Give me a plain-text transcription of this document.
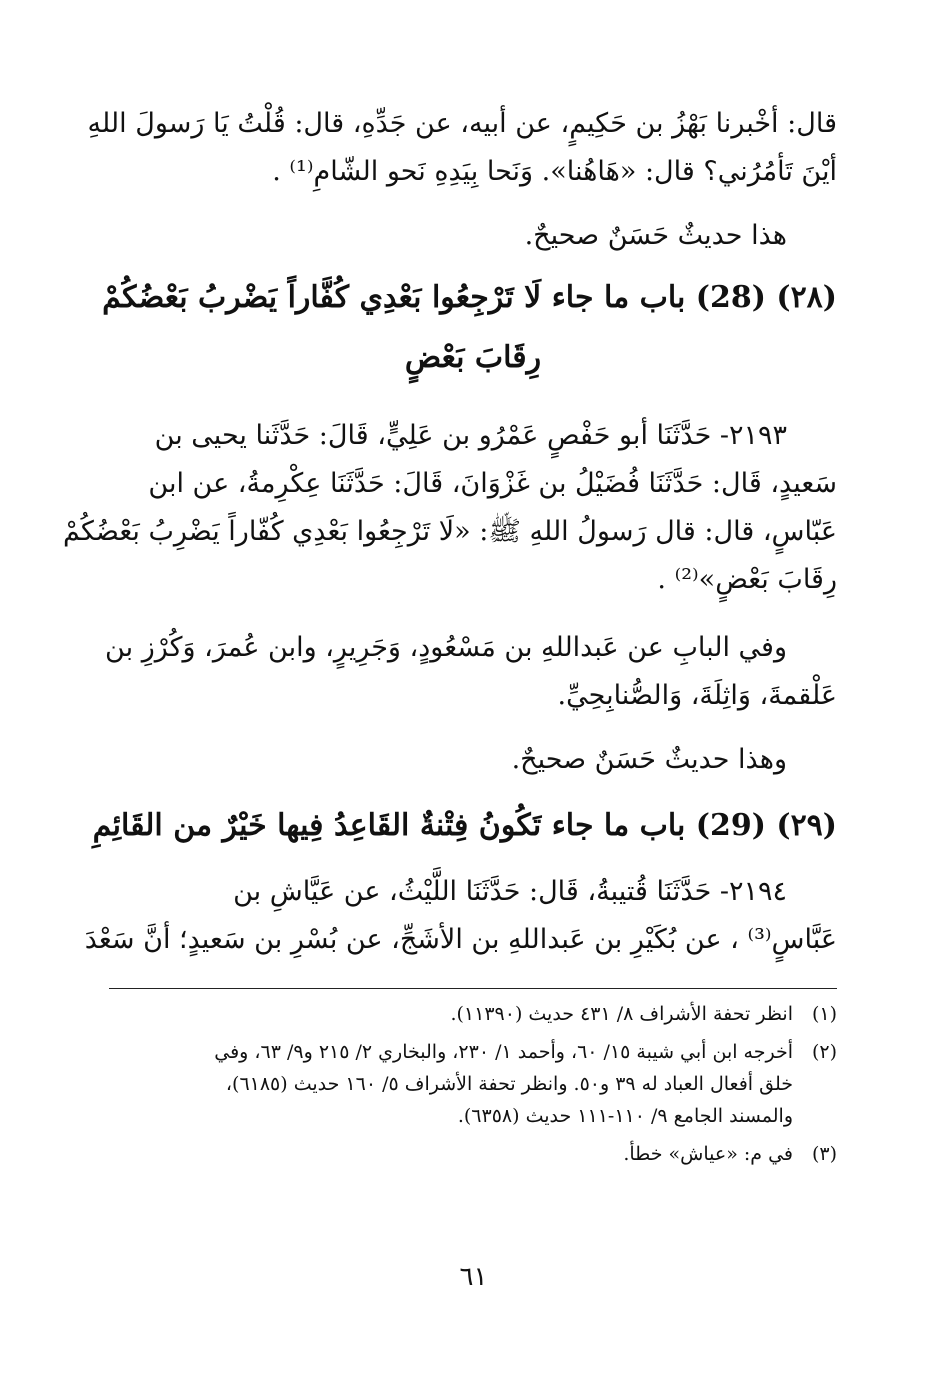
قال: أخْبرنا بَهْزُ بن حَكِيمٍ، عن أبيه، عن جَدِّهِ، قال: قُلْتُ يَا رَسولَ اللهِ
أيْنَ تَأمُرُني؟ قال: «هَاهُنا». وَنَحا بِيَدِهِ نَحو الشّامِ⁽¹⁾ .
هذا حديثٌ حَسَنٌ صحيحٌ.
(٢٨) (28) باب ما جاء لَا تَرْجِعُوا بَعْدِي كُفَّاراً يَضْربُ بَعْضُكُمْ
رِقَابَ بَعْضٍ
٢١٩٣- حَدَّثَنَا أبو حَفْصٍ عَمْرُو بن عَلِيٍّ، قَالَ: حَدَّثَنا يحيى بن
سَعيدٍ، قَال: حَدَّثَنَا فُضَيْلُ بن غَزْوَانَ، قَالَ: حَدَّثَنَا عِكْرِمةُ، عن ابن
عَبّاسٍ، قال: قال رَسولُ اللهِ ﷺ: «لَا تَرْجِعُوا بَعْدِي كُفّاراً يَضْرِبُ بَعْضُكُمْ
رِقَابَ بَعْضٍ»⁽²⁾ .
وفي البابِ عن عَبداللهِ بن مَسْعُودٍ، وَجَرِيرٍ، وابن عُمرَ، وَكُرْزِ بن
عَلْقمةَ، وَاثِلَةَ، وَالصُّنابِحِيِّ.
وهذا حديثٌ حَسَنٌ صحيحٌ.
(٢٩) (29) باب ما جاء تَكُونُ فِتْنةٌ القَاعِدُ فِيها خَيْرٌ من القَائِمِ
٢١٩٤- حَدَّثَنَا قُتيبةُ، قَال: حَدَّثَنَا اللَّيْثُ، عن عَيَّاشِ بن
عَبَّاسٍ⁽³⁾ ، عن بُكَيْرِ بن عَبداللهِ بن الأشَجِّ، عن بُسْرِ بن سَعيدٍ؛ أنَّ سَعْدَ
(١)
انظر تحفة الأشراف ٨/ ٤٣١ حديث (١١٣٩٠).
(٢)
أخرجه ابن أبي شيبة ١٥/ ٦٠، وأحمد ١/ ٢٣٠، والبخاري ٢/ ٢١٥ و٩/ ٦٣، وفي
خلق أفعال العباد له ٣٩ و٥٠. وانظر تحفة الأشراف ٥/ ١٦٠ حديث (٦١٨٥)،
والمسند الجامع ٩/ ١١٠-١١١ حديث (٦٣٥٨).
(٣)
في م: «عياش» خطأ.
٦١
